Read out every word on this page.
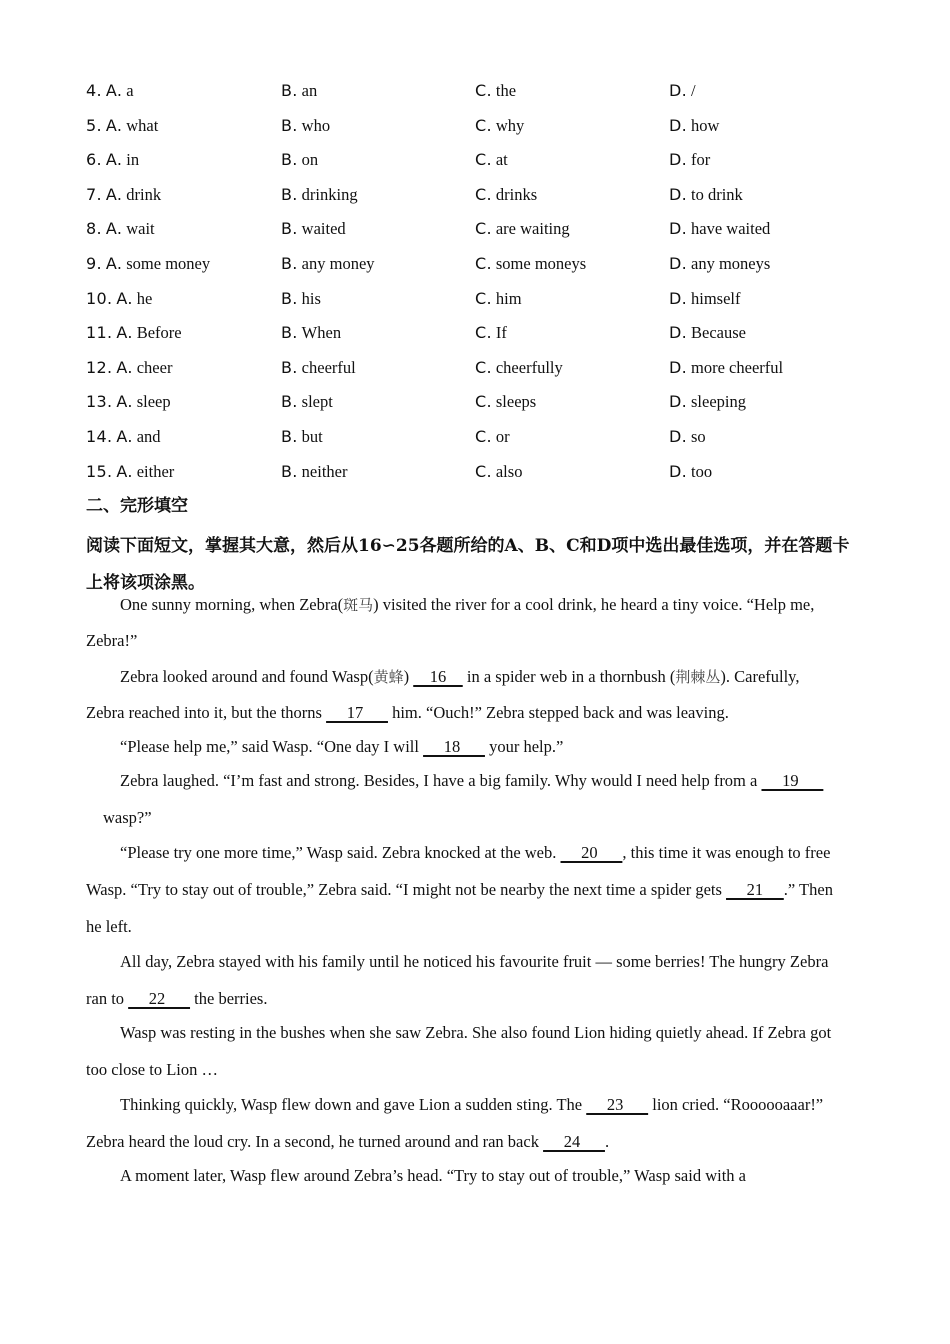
4. A. a	B. an	C. the	D. /
5. A. what	B. who	C. why	D. how
6. A. in	B. on	C. at	D. for
7. A. drink	B. drinking	C. drinks	D. to drink
8. A. wait	B. waited	C. are waiting	D. have waited
9. A. some money	B. any money	C. some moneys	D. any moneys
10. A. he	B. his	C. him	D. himself
11. A. Before	B. When	C. If	D. Because
12. A. cheer	B. cheerful	C. cheerfully	D. more cheerful
13. A. sleep	B. slept	C. sleeps	D. sleeping
14. A. and	B. but	C. or	D. so
15. A. either	B. neither	C. also	D. too
二、完形填空
阅读下面短文，掌握其大意，然后从16∽25各题所给的A、B、C和D项中选出最佳选项，并在答题卡上将该项涂黑。
One sunny morning, when Zebra(斑马) visited the river for a cool drink, he heard a tiny voice. “Help me,
Zebra!”
Zebra looked around and found Wasp(黄蜂)     16     in a spider web in a thornbush (荆棘丛). Carefully,
Zebra reached into it, but the thorns      17       him. “Ouch!” Zebra stepped back and was leaving.
“Please help me,” said Wasp. “One day I will      18       your help.”
Zebra laughed. “I’m fast and strong. Besides, I have a big family. Why would I need help from a      19
wasp?”
“Please try one more time,” Wasp said. Zebra knocked at the web.      20      , this time it was enough to free
Wasp. “Try to stay out of trouble,” Zebra said. “I might not be nearby the next time a spider gets      21     .” Then
he left.
All day, Zebra stayed with his family until he noticed his favourite fruit — some berries! The hungry Zebra
ran to      22       the berries.
Wasp was resting in the bushes when she saw Zebra. She also found Lion hiding quietly ahead. If Zebra got
too close to Lion …
Thinking quickly, Wasp flew down and gave Lion a sudden sting. The      23       lion cried. “Roooooaaar!”
Zebra heard the loud cry. In a second, he turned around and ran back      24      .
A moment later, Wasp flew around Zebra’s head. “Try to stay out of trouble,” Wasp said with a
